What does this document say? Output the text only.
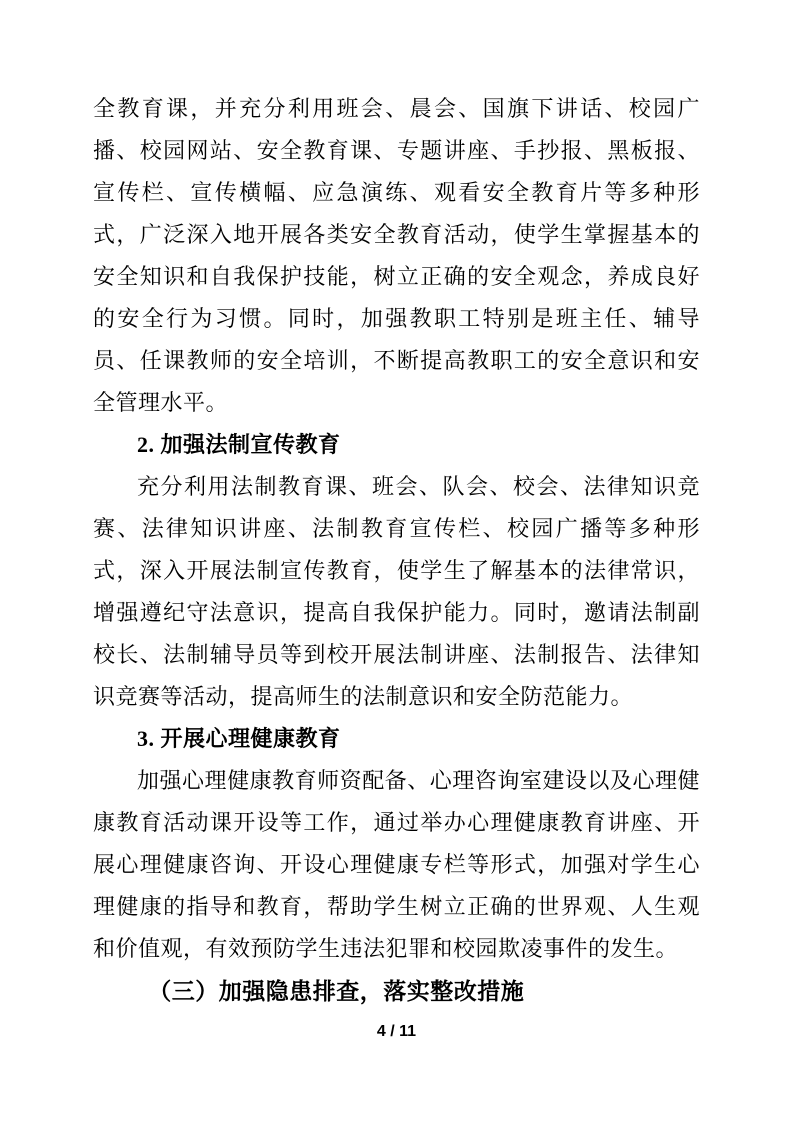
全教育课，并充分利用班会、晨会、国旗下讲话、校园广播、校园网站、安全教育课、专题讲座、手抄报、黑板报、宣传栏、宣传横幅、应急演练、观看安全教育片等多种形式，广泛深入地开展各类安全教育活动，使学生掌握基本的安全知识和自我保护技能，树立正确的安全观念，养成良好的安全行为习惯。同时，加强教职工特别是班主任、辅导员、任课教师的安全培训，不断提高教职工的安全意识和安全管理水平。

2. 加强法制宣传教育

充分利用法制教育课、班会、队会、校会、法律知识竞赛、法律知识讲座、法制教育宣传栏、校园广播等多种形式，深入开展法制宣传教育，使学生了解基本的法律常识，增强遵纪守法意识，提高自我保护能力。同时，邀请法制副校长、法制辅导员等到校开展法制讲座、法制报告、法律知识竞赛等活动，提高师生的法制意识和安全防范能力。

3. 开展心理健康教育

加强心理健康教育师资配备、心理咨询室建设以及心理健康教育活动课开设等工作，通过举办心理健康教育讲座、开展心理健康咨询、开设心理健康专栏等形式，加强对学生心理健康的指导和教育，帮助学生树立正确的世界观、人生观和价值观，有效预防学生违法犯罪和校园欺凌事件的发生。

（三）加强隐患排查，落实整改措施

4 / 11
